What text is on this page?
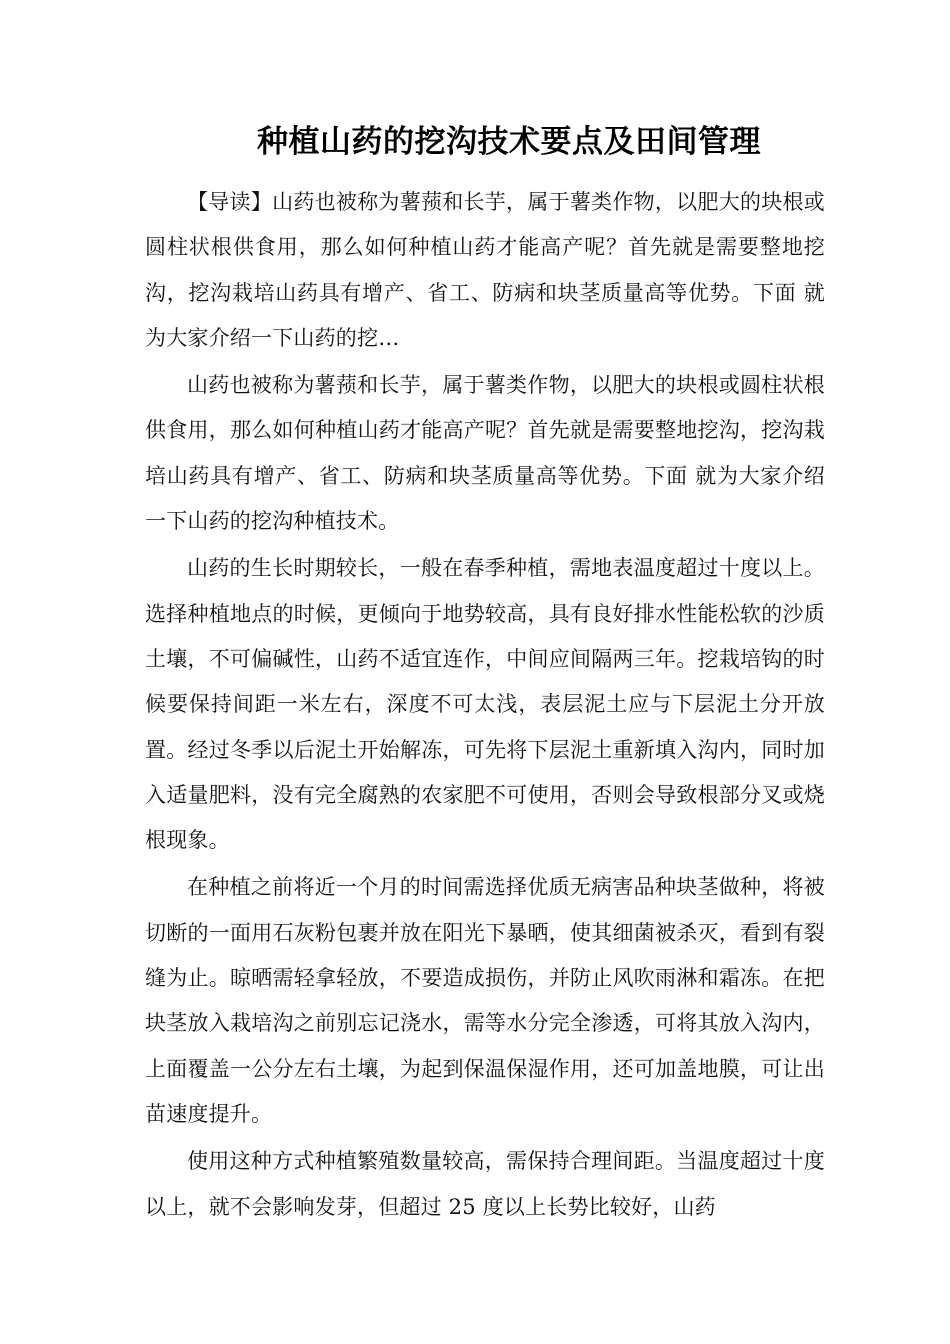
种植山药的挖沟技术要点及田间管理

【导读】山药也被称为薯蓣和长芋，属于薯类作物，以肥大的块根或圆柱状根供食用，那么如何种植山药才能高产呢？首先就是需要整地挖沟，挖沟栽培山药具有增产、省工、防病和块茎质量高等优势。下面 就为大家介绍一下山药的挖…

山药也被称为薯蓣和长芋，属于薯类作物，以肥大的块根或圆柱状根供食用，那么如何种植山药才能高产呢？首先就是需要整地挖沟，挖沟栽培山药具有增产、省工、防病和块茎质量高等优势。下面 就为大家介绍一下山药的挖沟种植技术。

山药的生长时期较长，一般在春季种植，需地表温度超过十度以上。选择种植地点的时候，更倾向于地势较高，具有良好排水性能松软的沙质土壤，不可偏碱性，山药不适宜连作，中间应间隔两三年。挖栽培钩的时候要保持间距一米左右，深度不可太浅，表层泥土应与下层泥土分开放置。经过冬季以后泥土开始解冻，可先将下层泥土重新填入沟内，同时加入适量肥料，没有完全腐熟的农家肥不可使用，否则会导致根部分叉或烧根现象。

在种植之前将近一个月的时间需选择优质无病害品种块茎做种，将被切断的一面用石灰粉包裹并放在阳光下暴晒，使其细菌被杀灭，看到有裂缝为止。晾晒需轻拿轻放，不要造成损伤，并防止风吹雨淋和霜冻。在把块茎放入栽培沟之前别忘记浇水，需等水分完全渗透，可将其放入沟内，上面覆盖一公分左右土壤，为起到保温保湿作用，还可加盖地膜，可让出苗速度提升。

使用这种方式种植繁殖数量较高，需保持合理间距。当温度超过十度以上，就不会影响发芽，但超过 25 度以上长势比较好，山药
